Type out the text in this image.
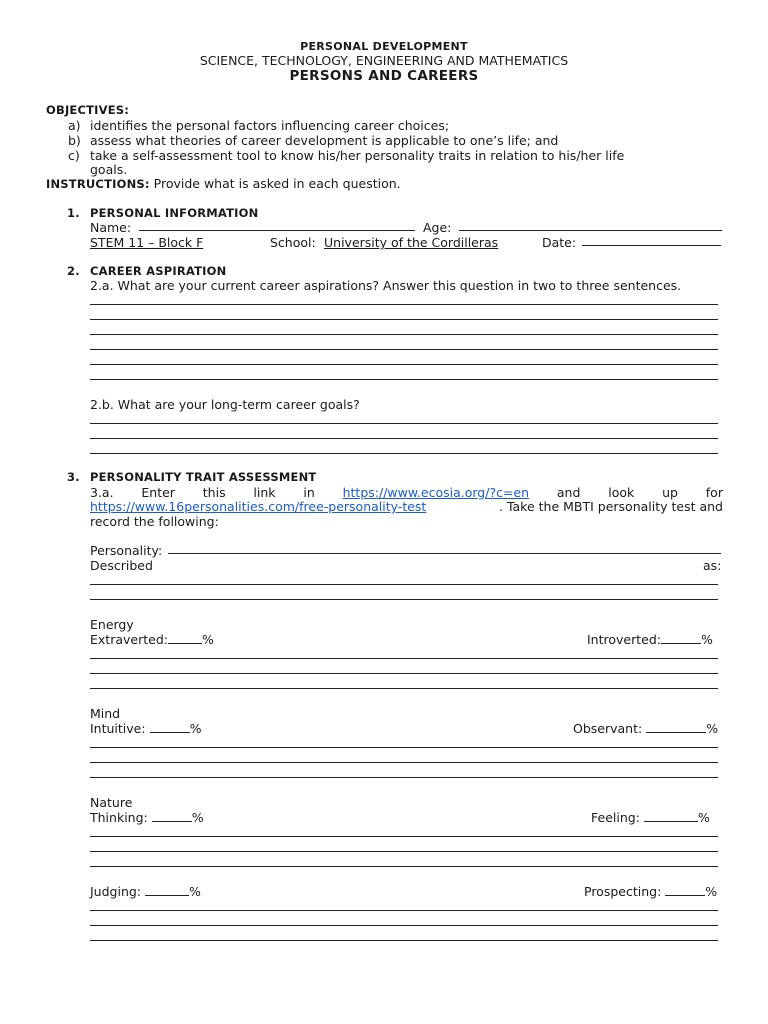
PERSONAL DEVELOPMENT
SCIENCE, TECHNOLOGY, ENGINEERING AND MATHEMATICS
PERSONS AND CAREERS
OBJECTIVES:
a) identifies the personal factors influencing career choices;
b) assess what theories of career development is applicable to one’s life; and
c) take a self-assessment tool to know his/her personality traits in relation to his/her life
goals.
INSTRUCTIONS: Provide what is asked in each question.
1. PERSONAL INFORMATION
Name:	Age:
STEM 11 – Block F	School: University of the Cordilleras	Date:
2. CAREER ASPIRATION
2.a. What are your current career aspirations? Answer this question in two to three sentences.
2.b. What are your long-term career goals?
3. PERSONALITY TRAIT ASSESSMENT
3.a. Enter this link in https://www.ecosia.org/?c=en and look up for
https://www.16personalities.com/free-personality-test	. Take the MBTI personality test and
record the following:
Personality:
Described	as:
Energy
Extraverted:	%	Introverted:	%
Mind
Intuitive:	%	Observant:	%
Nature
Thinking:	%	Feeling:	%
Judging:	%	Prospecting:	%
